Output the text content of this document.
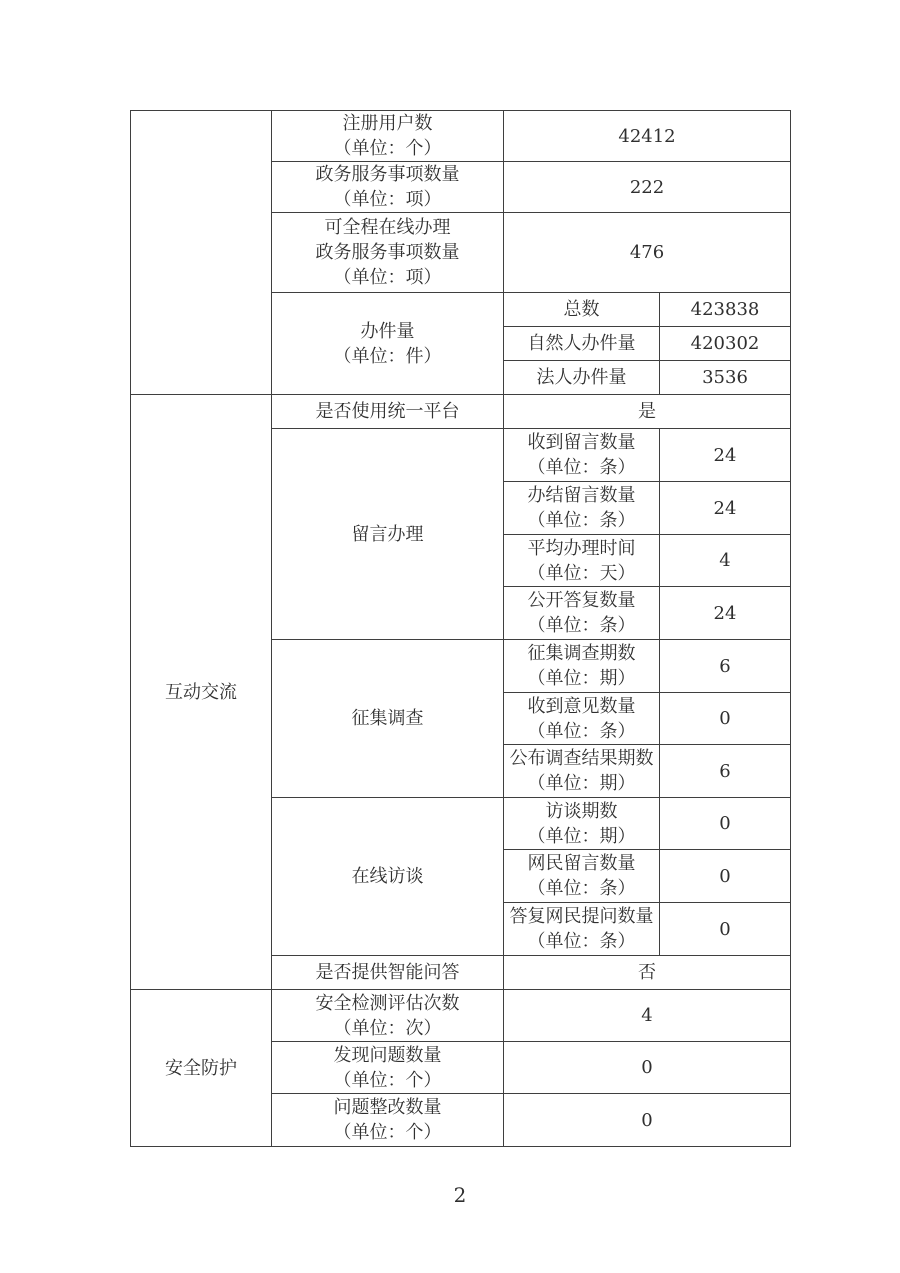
	注册用户数
（单位：个）	42412	

	政务服务事项数量
（单位：项）	222	

	可全程在线办理
政务服务事项数量
（单位：项）	476	

	办件量
（单位：件）	总数	423838
		自然人办件量	420302
		法人办件量	3536

互动交流	是否使用统一平台	是	
	留言办理	收到留言数量
（单位：条）	24

		办结留言数量
（单位：条）	24

		平均办理时间
（单位：天）	4

		公开答复数量
（单位：条）	24
	征集调查	征集调查期数
（单位：期）	6

		收到意见数量
（单位：条）	0

		公布调查结果期数
（单位：期）	6
	在线访谈	访谈期数
（单位：期）	0

		网民留言数量
（单位：条）	0

		答复网民提问数量
（单位：条）	0
	是否提供智能问答	否	

安全防护	安全检测评估次数
（单位：次）	4	

	发现问题数量
（单位：个）	0	

	问题整改数量
（单位：个）	0	
2
